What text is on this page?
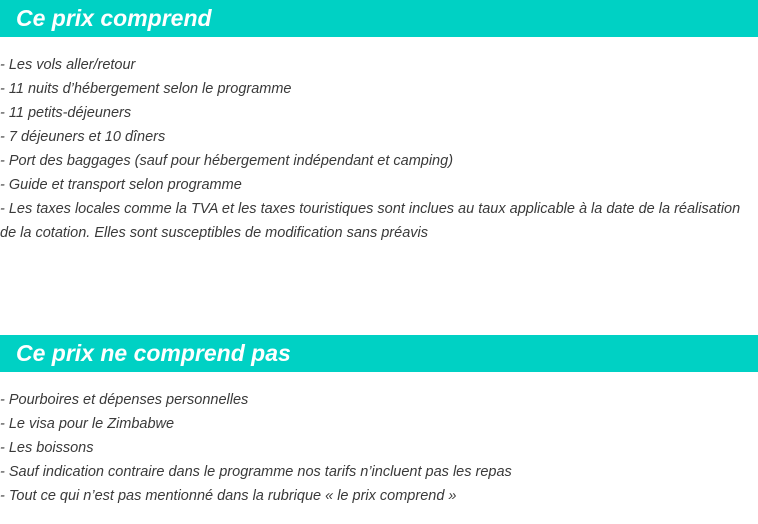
Ce prix comprend
- Les vols aller/retour
- 11 nuits d’hébergement selon le programme
- 11 petits-déjeuners
- 7 déjeuners et 10 dîners
- Port des baggages (sauf pour hébergement indépendant et camping)
- Guide et transport selon programme
- Les taxes locales comme la TVA et les taxes touristiques sont inclues au taux applicable à la date de la réalisation de la cotation. Elles sont susceptibles de modification sans préavis
Ce prix ne comprend pas
- Pourboires et dépenses personnelles
- Le visa pour le Zimbabwe
- Les boissons
- Sauf indication contraire dans le programme nos tarifs n’incluent pas les repas
- Tout ce qui n’est pas mentionné dans la rubrique « le prix comprend »
